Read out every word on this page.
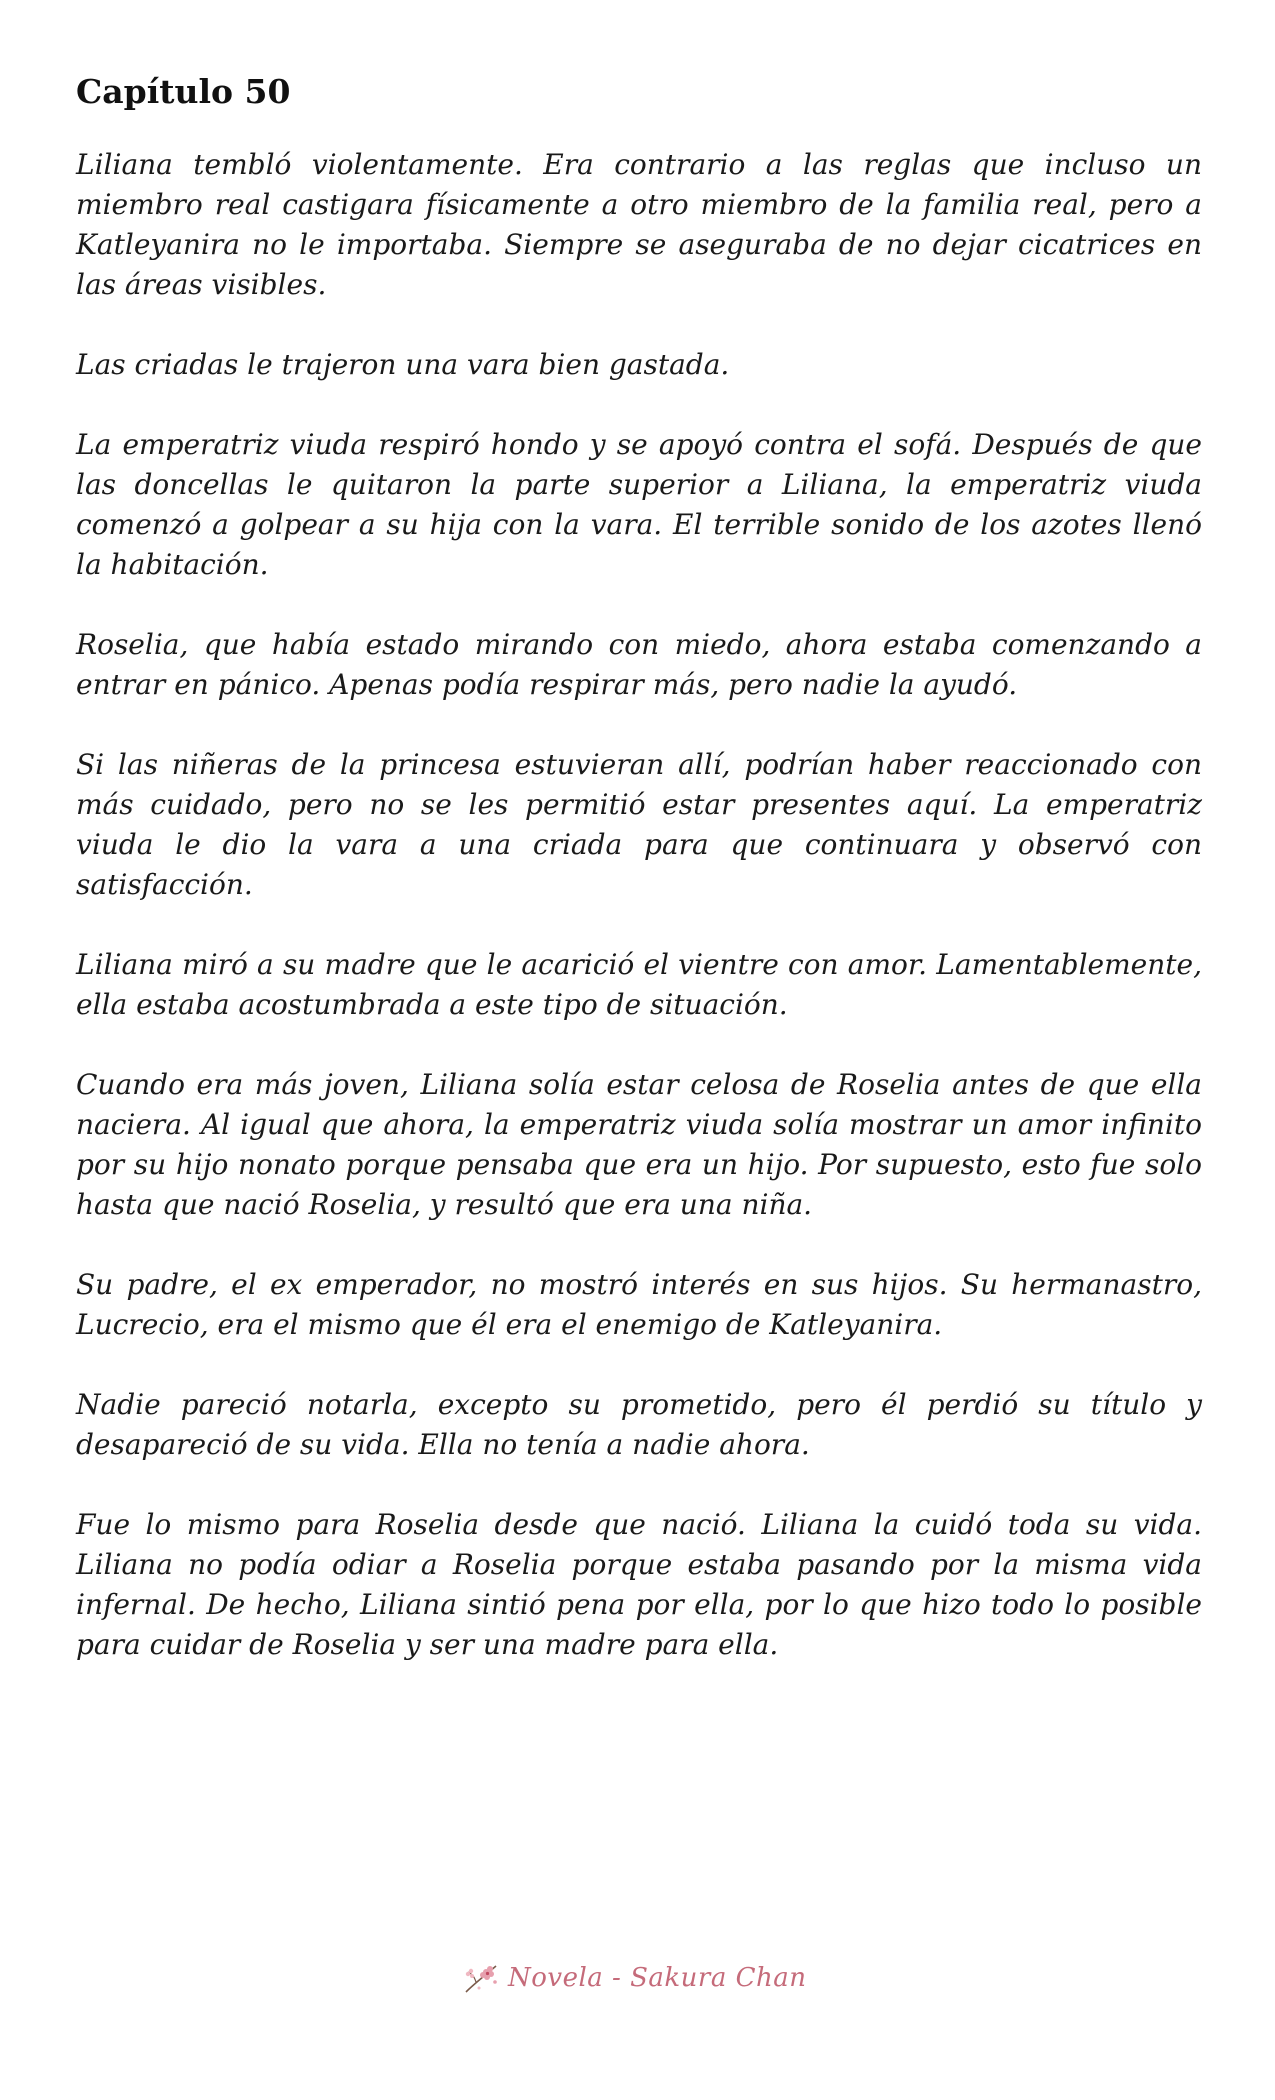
Capítulo 50

Liliana tembló violentamente. Era contrario a las reglas que incluso un miembro real castigara físicamente a otro miembro de la familia real, pero a Katleyanira no le importaba. Siempre se aseguraba de no dejar cicatrices en las áreas visibles.

Las criadas le trajeron una vara bien gastada.

La emperatriz viuda respiró hondo y se apoyó contra el sofá. Después de que las doncellas le quitaron la parte superior a Liliana, la emperatriz viuda comenzó a golpear a su hija con la vara. El terrible sonido de los azotes llenó la habitación.

Roselia, que había estado mirando con miedo, ahora estaba comenzando a entrar en pánico. Apenas podía respirar más, pero nadie la ayudó.

Si las niñeras de la princesa estuvieran allí, podrían haber reaccionado con más cuidado, pero no se les permitió estar presentes aquí. La emperatriz viuda le dio la vara a una criada para que continuara y observó con satisfacción.

Liliana miró a su madre que le acarició el vientre con amor. Lamentablemente, ella estaba acostumbrada a este tipo de situación.

Cuando era más joven, Liliana solía estar celosa de Roselia antes de que ella naciera. Al igual que ahora, la emperatriz viuda solía mostrar un amor infinito por su hijo nonato porque pensaba que era un hijo. Por supuesto, esto fue solo hasta que nació Roselia, y resultó que era una niña.

Su padre, el ex emperador, no mostró interés en sus hijos. Su hermanastro, Lucrecio, era el mismo que él era el enemigo de Katleyanira.

Nadie pareció notarla, excepto su prometido, pero él perdió su título y desapareció de su vida. Ella no tenía a nadie ahora.

Fue lo mismo para Roselia desde que nació. Liliana la cuidó toda su vida. Liliana no podía odiar a Roselia porque estaba pasando por la misma vida infernal. De hecho, Liliana sintió pena por ella, por lo que hizo todo lo posible para cuidar de Roselia y ser una madre para ella.

Novela - Sakura Chan
